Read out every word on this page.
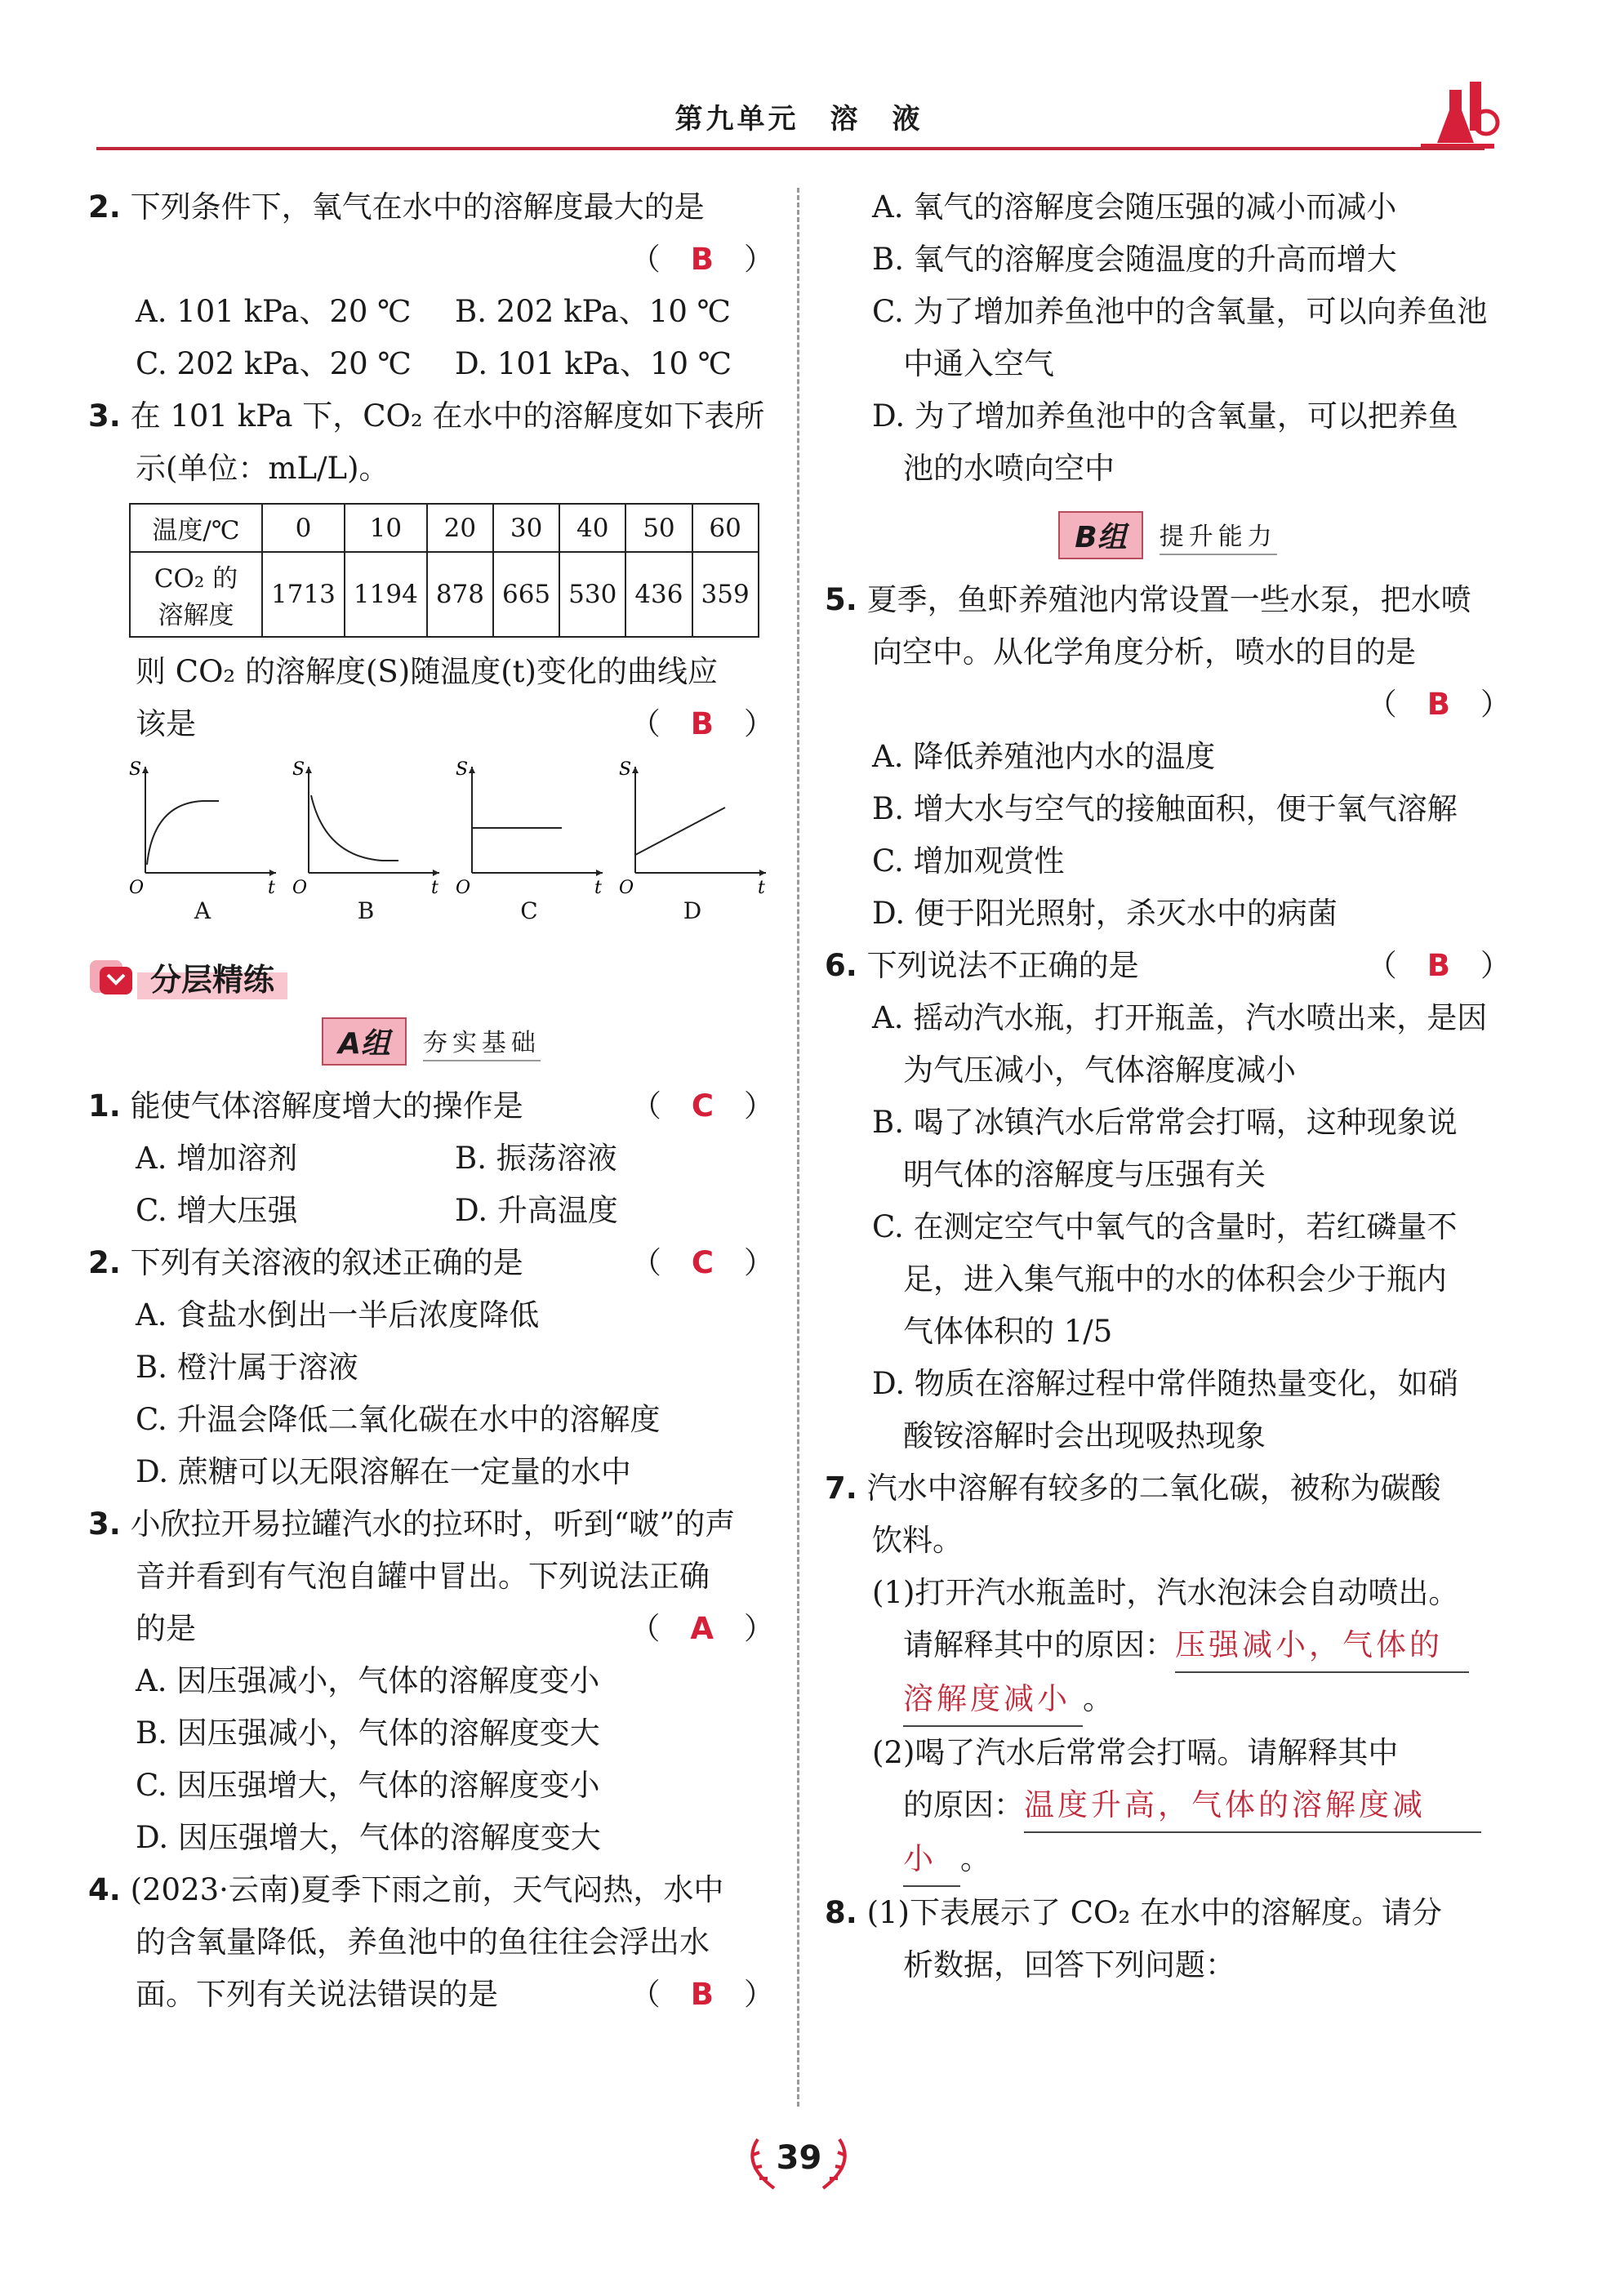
第九单元　溶　液
2. 下列条件下，氧气在水中的溶解度最大的是
（　B　）
A. 101 kPa、20 ℃	B. 202 kPa、10 ℃
C. 202 kPa、20 ℃	D. 101 kPa、10 ℃
3. 在 101 kPa 下，CO₂ 在水中的溶解度如下表所
示(单位：mL/L)。
温度/℃	0	10	20	30	40	50	60

CO₂ 的
溶解度	1713	1194	878	665	530	436	359
则 CO₂ 的溶解度(S)随温度(t)变化的曲线应
该是	（　B　）
S
O	t
A
S
O	t
B
S
O	t
C
S
O	t
D
分层精练
A组	夯实基础
1. 能使气体溶解度增大的操作是	（　C　）
A. 增加溶剂	B. 振荡溶液
C. 增大压强	D. 升高温度
2. 下列有关溶液的叙述正确的是	（　C　）
A. 食盐水倒出一半后浓度降低
B. 橙汁属于溶液
C. 升温会降低二氧化碳在水中的溶解度
D. 蔗糖可以无限溶解在一定量的水中
3. 小欣拉开易拉罐汽水的拉环时，听到“啵”的声
音并看到有气泡自罐中冒出。下列说法正确
的是	（　A　）
A. 因压强减小，气体的溶解度变小
B. 因压强减小，气体的溶解度变大
C. 因压强增大，气体的溶解度变小
D. 因压强增大，气体的溶解度变大
4. (2023·云南)夏季下雨之前，天气闷热，水中
的含氧量降低，养鱼池中的鱼往往会浮出水
面。下列有关说法错误的是	（　B　）
A. 氧气的溶解度会随压强的减小而减小
B. 氧气的溶解度会随温度的升高而增大
C. 为了增加养鱼池中的含氧量，可以向养鱼池
中通入空气
D. 为了增加养鱼池中的含氧量，可以把养鱼
池的水喷向空中
B组	提升能力
5. 夏季，鱼虾养殖池内常设置一些水泵，把水喷
向空中。从化学角度分析，喷水的目的是
（　B　）
A. 降低养殖池内水的温度
B. 增大水与空气的接触面积，便于氧气溶解
C. 增加观赏性
D. 便于阳光照射，杀灭水中的病菌
6. 下列说法不正确的是	（　B　）
A. 摇动汽水瓶，打开瓶盖，汽水喷出来，是因
为气压减小，气体溶解度减小
B. 喝了冰镇汽水后常常会打嗝，这种现象说
明气体的溶解度与压强有关
C. 在测定空气中氧气的含量时，若红磷量不
足，进入集气瓶中的水的体积会少于瓶内
气体体积的 1/5
D. 物质在溶解过程中常伴随热量变化，如硝
酸铵溶解时会出现吸热现象
7. 汽水中溶解有较多的二氧化碳，被称为碳酸
饮料。
(1)打开汽水瓶盖时，汽水泡沫会自动喷出。
请解释其中的原因：压强减小，气体的
溶解度减小 。
(2)喝了汽水后常常会打嗝。请解释其中
的原因：温度升高，气体的溶解度减
小 。
8. (1)下表展示了 CO₂ 在水中的溶解度。请分
析数据，回答下列问题：
39
